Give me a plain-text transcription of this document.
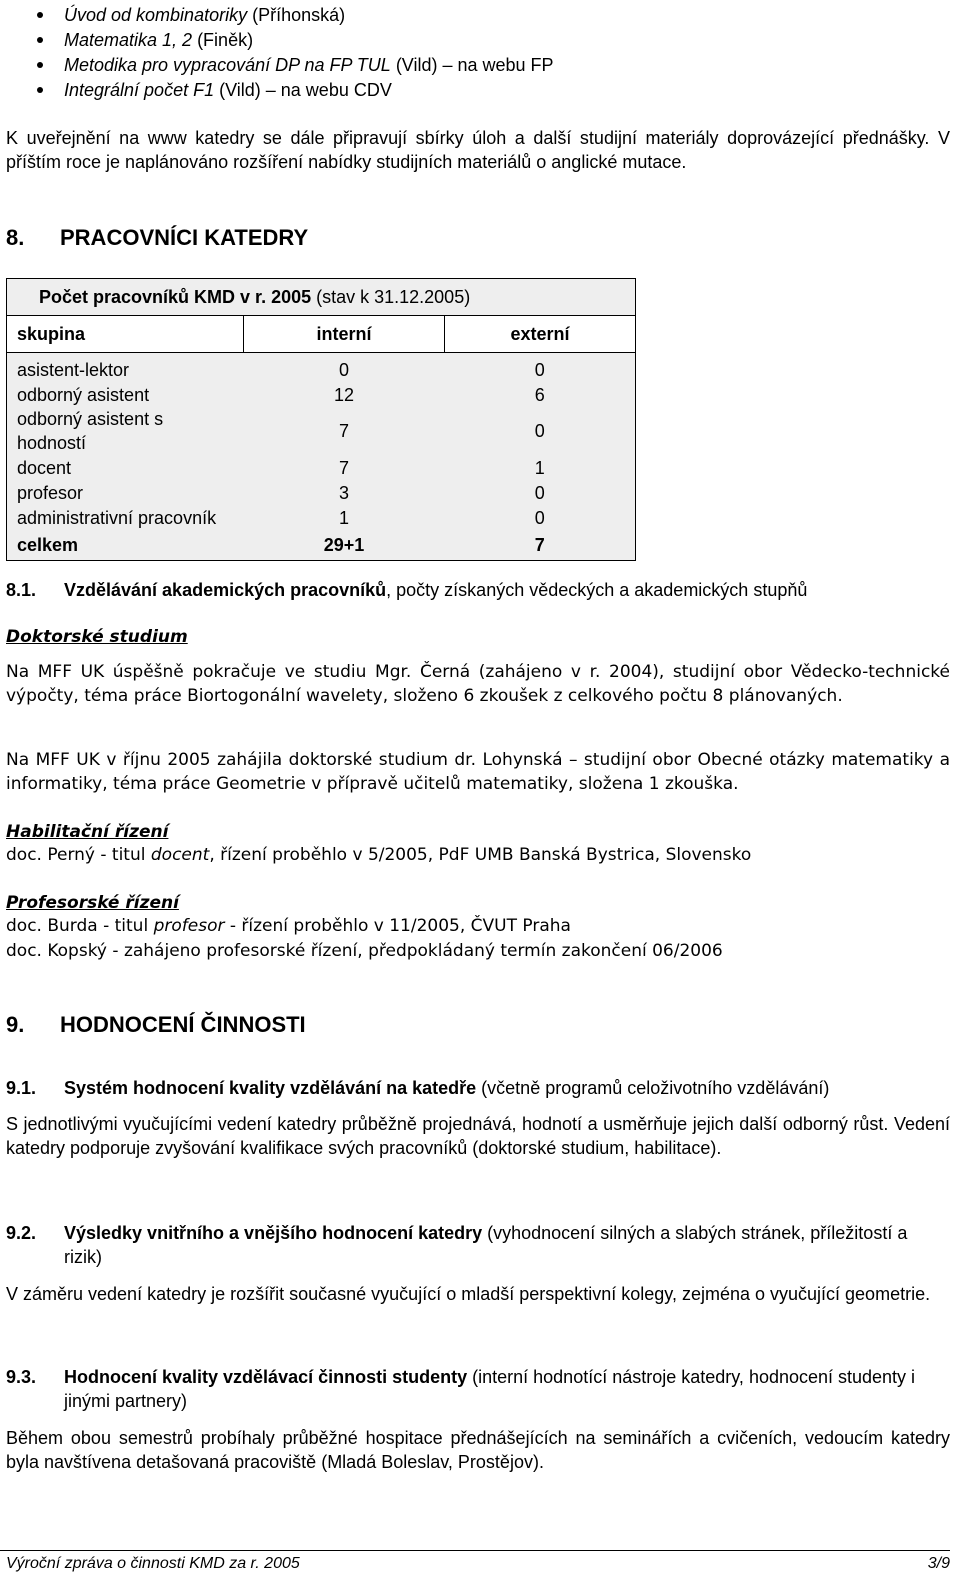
Úvod od kombinatoriky (Příhonská)
Matematika 1, 2 (Finěk)
Metodika pro vypracování DP na FP TUL (Vild) – na webu FP
Integrální počet F1 (Vild) – na webu CDV
K uveřejnění na www katedry se dále připravují sbírky úloh a další studijní materiály doprovázející přednášky. V příštím roce je naplánováno rozšíření nabídky studijních materiálů o anglické mutace.
8. PRACOVNÍCI KATEDRY
Počet pracovníků KMD v r. 2005 (stav k 31.12.2005)		
skupina	interní	externí
asistent-lektor	0	0
odborný asistent	12	6
odborný asistent s hodností	7	0
docent	7	1
profesor	3	0
administrativní pracovník	1	0
celkem	29+1	7
8.1. Vzdělávání akademických pracovníků, počty získaných vědeckých a akademických stupňů
Doktorské studium
Na MFF UK úspěšně pokračuje ve studiu Mgr. Černá (zahájeno v r. 2004), studijní obor Vědecko-technické výpočty, téma práce Biortogonální wavelety, složeno 6 zkoušek z celkového počtu 8 plánovaných.
Na MFF UK v říjnu 2005 zahájila doktorské studium dr. Lohynská – studijní obor Obecné otázky matematiky a informatiky, téma práce Geometrie v přípravě učitelů matematiky, složena 1 zkouška.
Habilitační řízení
doc. Perný - titul docent, řízení proběhlo v 5/2005, PdF UMB Banská Bystrica, Slovensko
Profesorské řízení
doc. Burda - titul profesor - řízení proběhlo v 11/2005, ČVUT Praha
doc. Kopský - zahájeno profesorské řízení, předpokládaný termín zakončení 06/2006
9. HODNOCENÍ ČINNOSTI
9.1. Systém hodnocení kvality vzdělávání na katedře (včetně programů celoživotního vzdělávání)
S jednotlivými vyučujícími vedení katedry průběžně projednává, hodnotí a usměrňuje jejich další odborný růst. Vedení katedry podporuje zvyšování kvalifikace svých pracovníků (doktorské studium, habilitace).
9.2. Výsledky vnitřního a vnějšího hodnocení katedry (vyhodnocení silných a slabých stránek, příležitostí a rizik)
V záměru vedení katedry je rozšířit současné vyučující o mladší perspektivní kolegy, zejména o vyučující geometrie.
9.3. Hodnocení kvality vzdělávací činnosti studenty (interní hodnotící nástroje katedry, hodnocení studenty i jinými partnery)
Během obou semestrů probíhaly průběžné hospitace přednášejících na seminářích a cvičeních, vedoucím katedry byla navštívena detašovaná pracoviště (Mladá Boleslav, Prostějov).
Výroční zpráva o činnosti KMD za r. 2005	3/9
